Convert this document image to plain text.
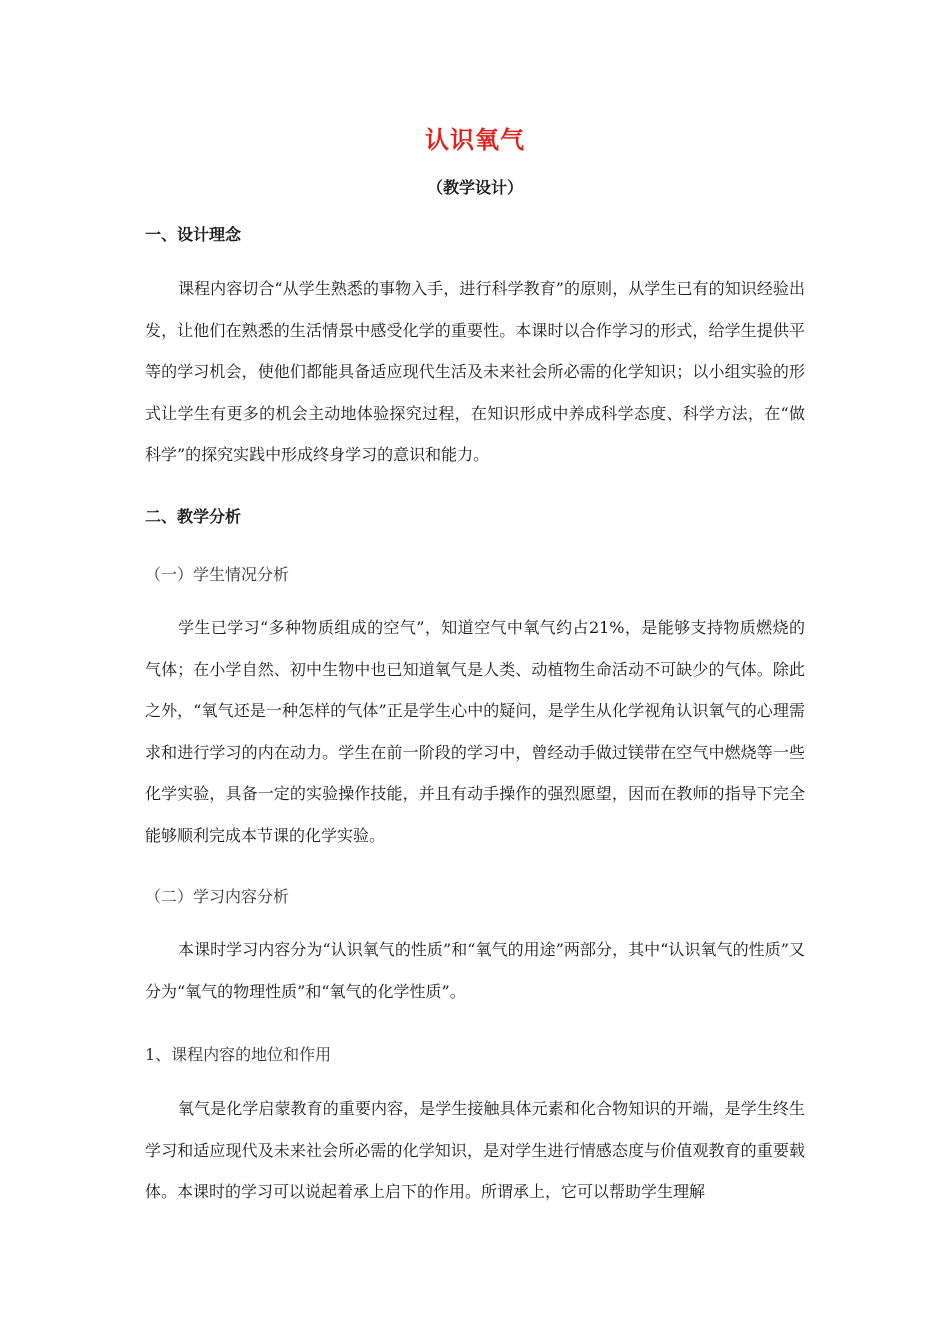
认识氧气
（教学设计）
一、设计理念

课程内容切合“从学生熟悉的事物入手，进行科学教育”的原则，从学生已有的知识经验出发，让他们在熟悉的生活情景中感受化学的重要性。本课时以合作学习的形式，给学生提供平等的学习机会，使他们都能具备适应现代生活及未来社会所必需的化学知识；以小组实验的形式让学生有更多的机会主动地体验探究过程，在知识形成中养成科学态度、科学方法，在“做科学”的探究实践中形成终身学习的意识和能力。

二、教学分析
（一）学生情况分析

学生已学习“多种物质组成的空气”，知道空气中氧气约占21%，是能够支持物质燃烧的气体；在小学自然、初中生物中也已知道氧气是人类、动植物生命活动不可缺少的气体。除此之外，“氧气还是一种怎样的气体”正是学生心中的疑问，是学生从化学视角认识氧气的心理需求和进行学习的内在动力。学生在前一阶段的学习中，曾经动手做过镁带在空气中燃烧等一些化学实验，具备一定的实验操作技能，并且有动手操作的强烈愿望，因而在教师的指导下完全能够顺利完成本节课的化学实验。

（二）学习内容分析

本课时学习内容分为“认识氧气的性质”和“氧气的用途”两部分，其中“认识氧气的性质”又分为“氧气的物理性质”和“氧气的化学性质”。

1、课程内容的地位和作用

氧气是化学启蒙教育的重要内容，是学生接触具体元素和化合物知识的开端，是学生终生学习和适应现代及未来社会所必需的化学知识，是对学生进行情感态度与价值观教育的重要载体。本课时的学习可以说起着承上启下的作用。所谓承上，它可以帮助学生理解
